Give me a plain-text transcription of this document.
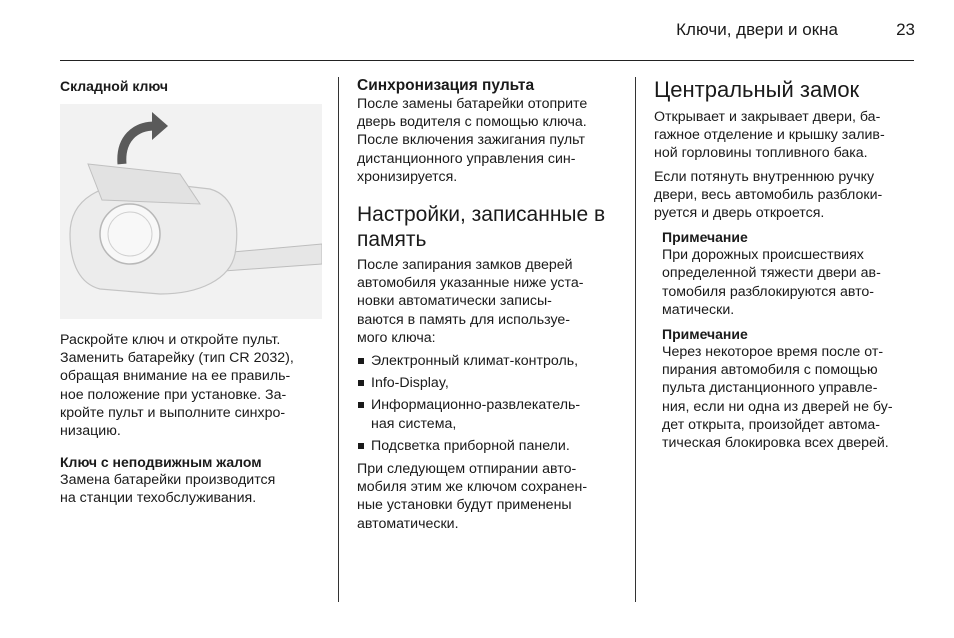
Ключи, двери и окна	23

Складной ключ

Раскройте ключ и откройте пульт.
Заменить батарейку (тип CR 2032),
обращая внимание на ее правиль-
ное положение при установке. За-
кройте пульт и выполните синхро-
низацию.

Ключ с неподвижным жалом

Замена батарейки производится
на станции техобслуживания.

Синхронизация пульта

После замены батарейки отоприте
дверь водителя с помощью ключа.
После включения зажигания пульт
дистанционного управления син-
хронизируется.

Настройки, записанные в
память

После запирания замков дверей
автомобиля указанные ниже уста-
новки автоматически записы-
ваются в память для используе-
мого ключа:

Электронный климат-контроль,
Info-Display,
Информационно-развлекатель-
ная система,
Подсветка приборной панели.

При следующем отпирании авто-
мобиля этим же ключом сохранен-
ные установки будут применены
автоматически.

Центральный замок

Открывает и закрывает двери, ба-
гажное отделение и крышку залив-
ной горловины топливного бака.

Если потянуть внутреннюю ручку
двери, весь автомобиль разблоки-
руется и дверь откроется.

Примечание

При дорожных происшествиях
определенной тяжести двери ав-
томобиля разблокируются авто-
матически.

Примечание

Через некоторое время после от-
пирания автомобиля с помощью
пульта дистанционного управле-
ния, если ни одна из дверей не бу-
дет открыта, произойдет автома-
тическая блокировка всех дверей.
